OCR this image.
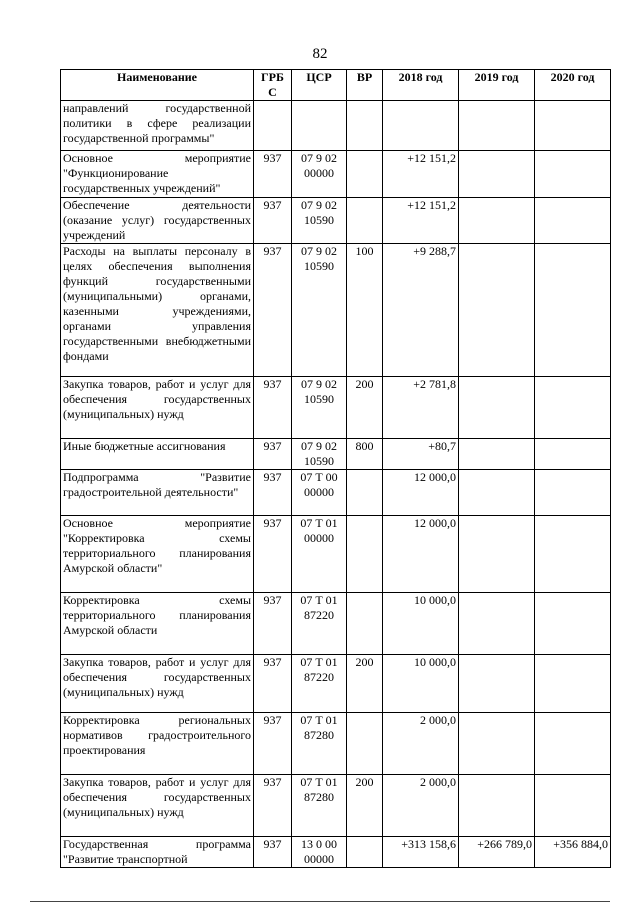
82
Наименование	ГРБ С	ЦСР	ВР	2018 год	2019 год	2020 год
направлений государственной политики в сфере реализации государственной программы"						
Основное мероприятие "Функционирование государственных учреждений"	937	07 9 02 00000		+12 151,2		
Обеспечение деятельности (оказание услуг) государственных учреждений	937	07 9 02 10590		+12 151,2		
Расходы на выплаты персоналу в целях обеспечения выполнения функций государственными (муниципальными) органами, казенными учреждениями, органами управления государственными внебюджетными фондами	937	07 9 02 10590	100	+9 288,7		
Закупка товаров, работ и услуг для обеспечения государственных (муниципальных) нужд	937	07 9 02 10590	200	+2 781,8		
Иные бюджетные ассигнования	937	07 9 02 10590	800	+80,7		
Подпрограмма "Развитие градостроительной деятельности"	937	07 Т 00 00000		12 000,0		
Основное мероприятие "Корректировка схемы территориального планирования Амурской области"	937	07 Т 01 00000		12 000,0		
Корректировка схемы территориального планирования Амурской области	937	07 Т 01 87220		10 000,0		
Закупка товаров, работ и услуг для обеспечения государственных (муниципальных) нужд	937	07 Т 01 87220	200	10 000,0		
Корректировка региональных нормативов градостроительного проектирования	937	07 Т 01 87280		2 000,0		
Закупка товаров, работ и услуг для обеспечения государственных (муниципальных) нужд	937	07 Т 01 87280	200	2 000,0		
Государственная программа "Развитие транспортной	937	13 0 00 00000		+313 158,6	+266 789,0	+356 884,0
